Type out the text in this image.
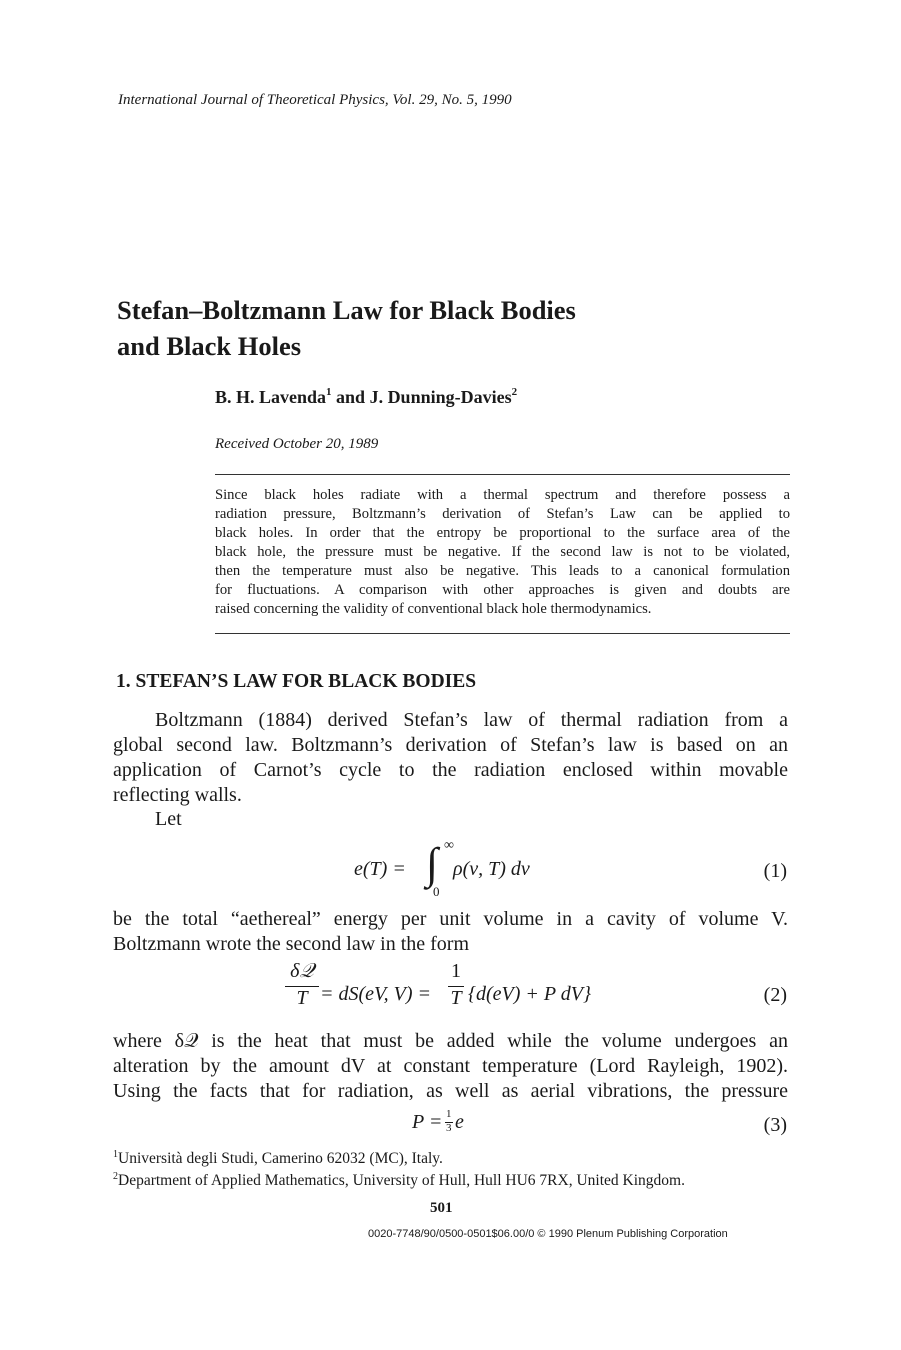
International Journal of Theoretical Physics, Vol. 29, No. 5, 1990
Stefan–Boltzmann Law for Black Bodies
and Black Holes
B. H. Lavenda$^1$ and J. Dunning-Davies$^2$
Received October 20, 1989
Since black holes radiate with a thermal spectrum and therefore possess a
radiation pressure, Boltzmann’s derivation of Stefan’s Law can be applied to
black holes. In order that the entropy be proportional to the surface area of the
black hole, the pressure must be negative. If the second law is not to be violated,
then the temperature must also be negative. This leads to a canonical formulation
for fluctuations. A comparison with other approaches is given and doubts are
raised concerning the validity of conventional black hole thermodynamics.
1. STEFAN’S LAW FOR BLACK BODIES
Boltzmann (1884) derived Stefan’s law of thermal radiation from a
global second law. Boltzmann’s derivation of Stefan’s law is based on an
application of Carnot’s cycle to the radiation enclosed within movable
reflecting walls.
Let
e(T) = ∫ ∞
0
ρ(ν, T) dν	(1)
be the total “aethereal” energy per unit volume in a cavity of volume V.
Boltzmann wrote the second law in the form
δ𝒬
T = dS(eV, V) =
1
T {d(eV) + P dV}	(2)
where δ𝒬 is the heat that must be added while the volume undergoes an
alteration by the amount dV at constant temperature (Lord Rayleigh, 1902).
Using the facts that for radiation, as well as aerial vibrations, the pressure
P = 1
3 e	(3)
$^1$Università degli Studi, Camerino 62032 (MC), Italy.
$^2$Department of Applied Mathematics, University of Hull, Hull HU6 7RX, United Kingdom.
501
0020-7748/90/0500-0501$06.00/0 © 1990 Plenum Publishing Corporation
